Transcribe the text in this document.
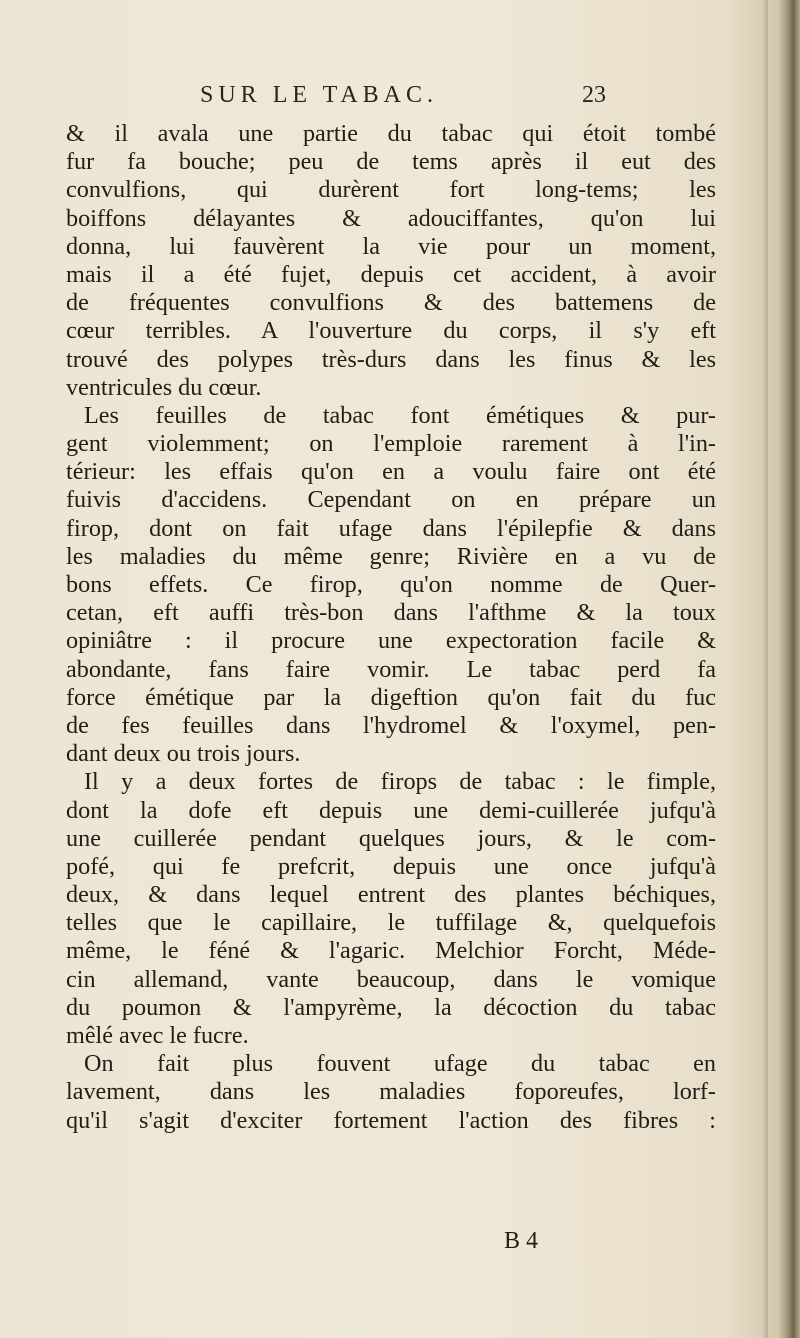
SUR LE TABAC.	23
& il avala une partie du tabac qui étoit tombé
fur fa bouche; peu de tems après il eut des
convulfions, qui durèrent fort long-tems; les
boiffons délayantes & adouciffantes, qu'on lui
donna, lui fauvèrent la vie pour un moment,
mais il a été fujet, depuis cet accident, à avoir
de fréquentes convulfions & des battemens de
cœur terribles. A l'ouverture du corps, il s'y eft
trouvé des polypes très-durs dans les finus & les
ventricules du cœur.
Les feuilles de tabac font émétiques & pur-
gent violemment; on l'emploie rarement à l'in-
térieur: les effais qu'on en a voulu faire ont été
fuivis d'accidens. Cependant on en prépare un
firop, dont on fait ufage dans l'épilepfie & dans
les maladies du même genre; Rivière en a vu de
bons effets. Ce firop, qu'on nomme de Quer-
cetan, eft auffi très-bon dans l'afthme & la toux
opiniâtre : il procure une expectoration facile &
abondante, fans faire vomir. Le tabac perd fa
force émétique par la digeftion qu'on fait du fuc
de fes feuilles dans l'hydromel & l'oxymel, pen-
dant deux ou trois jours.
Il y a deux fortes de firops de tabac : le fimple,
dont la dofe eft depuis une demi-cuillerée jufqu'à
une cuillerée pendant quelques jours, & le com-
pofé, qui fe prefcrit, depuis une once jufqu'à
deux, & dans lequel entrent des plantes béchiques,
telles que le capillaire, le tuffilage &, quelquefois
même, le féné & l'agaric. Melchior Forcht, Méde-
cin allemand, vante beaucoup, dans le vomique
du poumon & l'ampyrème, la décoction du tabac
mêlé avec le fucre.
On fait plus fouvent ufage du tabac en
lavement, dans les maladies foporeufes, lorf-
qu'il s'agit d'exciter fortement l'action des fibres :
B 4
